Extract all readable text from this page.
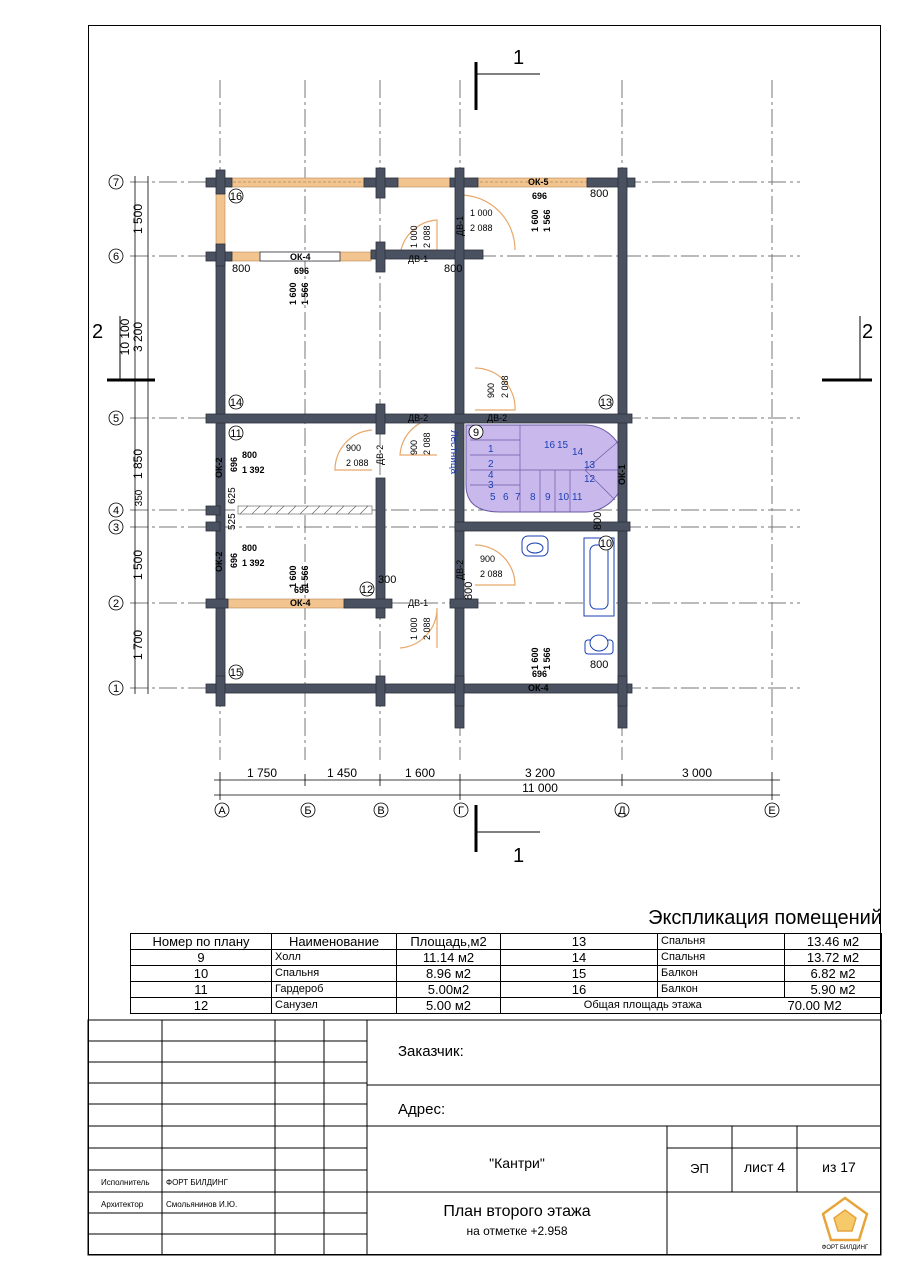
1
1
2	2
7
6
5
4
3
2
1
А	Б	В	Г	Д	Е
1 750	1 450	1 600	3 200	3 000
11 000
1 500
3 200
1 850
350
1 500
1 700
10 100
16
14	13
11	9
10
12
15
ОК-5
696
1 600 1 566
800
ОК-4
696
1 600 1 566
800
ОК-2 696
800
1 392
ОК-2 696
800
1 392
1 600
696
1 566
ОК-4
1 600 1 566
696
ОК-4
800
ОК-1
ДВ-1
1 000 2 088	ДВ-1
1 000
2 088
800
ДВ-2
900 2 088
900
2 088 ДВ-2
900 2 088
ДВ-2
ДВ-2
900
2 088
ДВ-1
1 000 2 088
300
800
800
625
525
1
2
3
4
5 6 7 8 9 10 11
12
13
14
15
16
Лестница
Экспликация помещений
Номер по плану	Наименование	Площадь,м2	13	Спальня	13.46 м2
9	Холл	11.14 м2	14	Спальня	13.72 м2
10	Спальня	8.96 м2	15	Балкон	6.82 м2
11	Гардероб	5.00м2	16	Балкон	5.90 м2
12	Санузел	5.00 м2	Общая площадь этажа		70.00 М2
Заказчик:
Адрес:
"Кантри"	ЭП	лист 4	из 17
Исполнитель ФОРТ БИЛДИНГ
Архитектор	Смольянинов И.Ю.	План второго этажа
на отметке +2.958
ФОРТ БИЛДИНГ
